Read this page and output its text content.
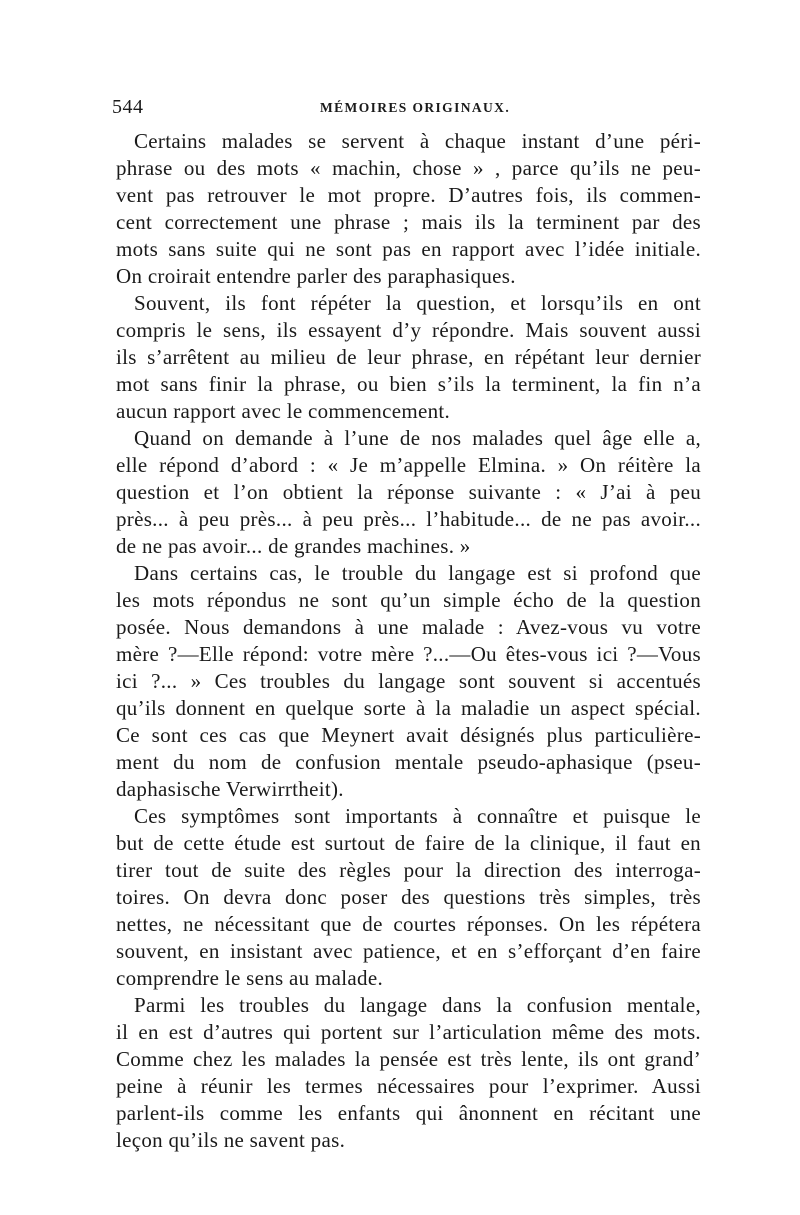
544	MÉMOIRES ORIGINAUX.
Certains malades se servent à chaque instant d’une péri-
phrase ou des mots « machin, chose » , parce qu’ils ne peu-
vent pas retrouver le mot propre. D’autres fois, ils commen-
cent correctement une phrase ; mais ils la terminent par des
mots sans suite qui ne sont pas en rapport avec l’idée initiale.
On croirait entendre parler des paraphasiques.
Souvent, ils font répéter la question, et lorsqu’ils en ont
compris le sens, ils essayent d’y répondre. Mais souvent aussi
ils s’arrêtent au milieu de leur phrase, en répétant leur dernier
mot sans finir la phrase, ou bien s’ils la terminent, la fin n’a
aucun rapport avec le commencement.
Quand on demande à l’une de nos malades quel âge elle a,
elle répond d’abord : « Je m’appelle Elmina. » On réitère la
question et l’on obtient la réponse suivante : « J’ai à peu
près... à peu près... à peu près... l’habitude... de ne pas avoir...
de ne pas avoir... de grandes machines. »
Dans certains cas, le trouble du langage est si profond que
les mots répondus ne sont qu’un simple écho de la question
posée. Nous demandons à une malade : Avez-vous vu votre
mère ?—Elle répond: votre mère ?...—Ou êtes-vous ici ?—Vous
ici ?... » Ces troubles du langage sont souvent si accentués
qu’ils donnent en quelque sorte à la maladie un aspect spécial.
Ce sont ces cas que Meynert avait désignés plus particulière-
ment du nom de confusion mentale pseudo-aphasique (pseu-
daphasische Verwirrtheit).
Ces symptômes sont importants à connaître et puisque le
but de cette étude est surtout de faire de la clinique, il faut en
tirer tout de suite des règles pour la direction des interroga-
toires. On devra donc poser des questions très simples, très
nettes, ne nécessitant que de courtes réponses. On les répétera
souvent, en insistant avec patience, et en s’efforçant d’en faire
comprendre le sens au malade.
Parmi les troubles du langage dans la confusion mentale,
il en est d’autres qui portent sur l’articulation même des mots.
Comme chez les malades la pensée est très lente, ils ont grand’
peine à réunir les termes nécessaires pour l’exprimer. Aussi
parlent-ils comme les enfants qui ânonnent en récitant une
leçon qu’ils ne savent pas.
